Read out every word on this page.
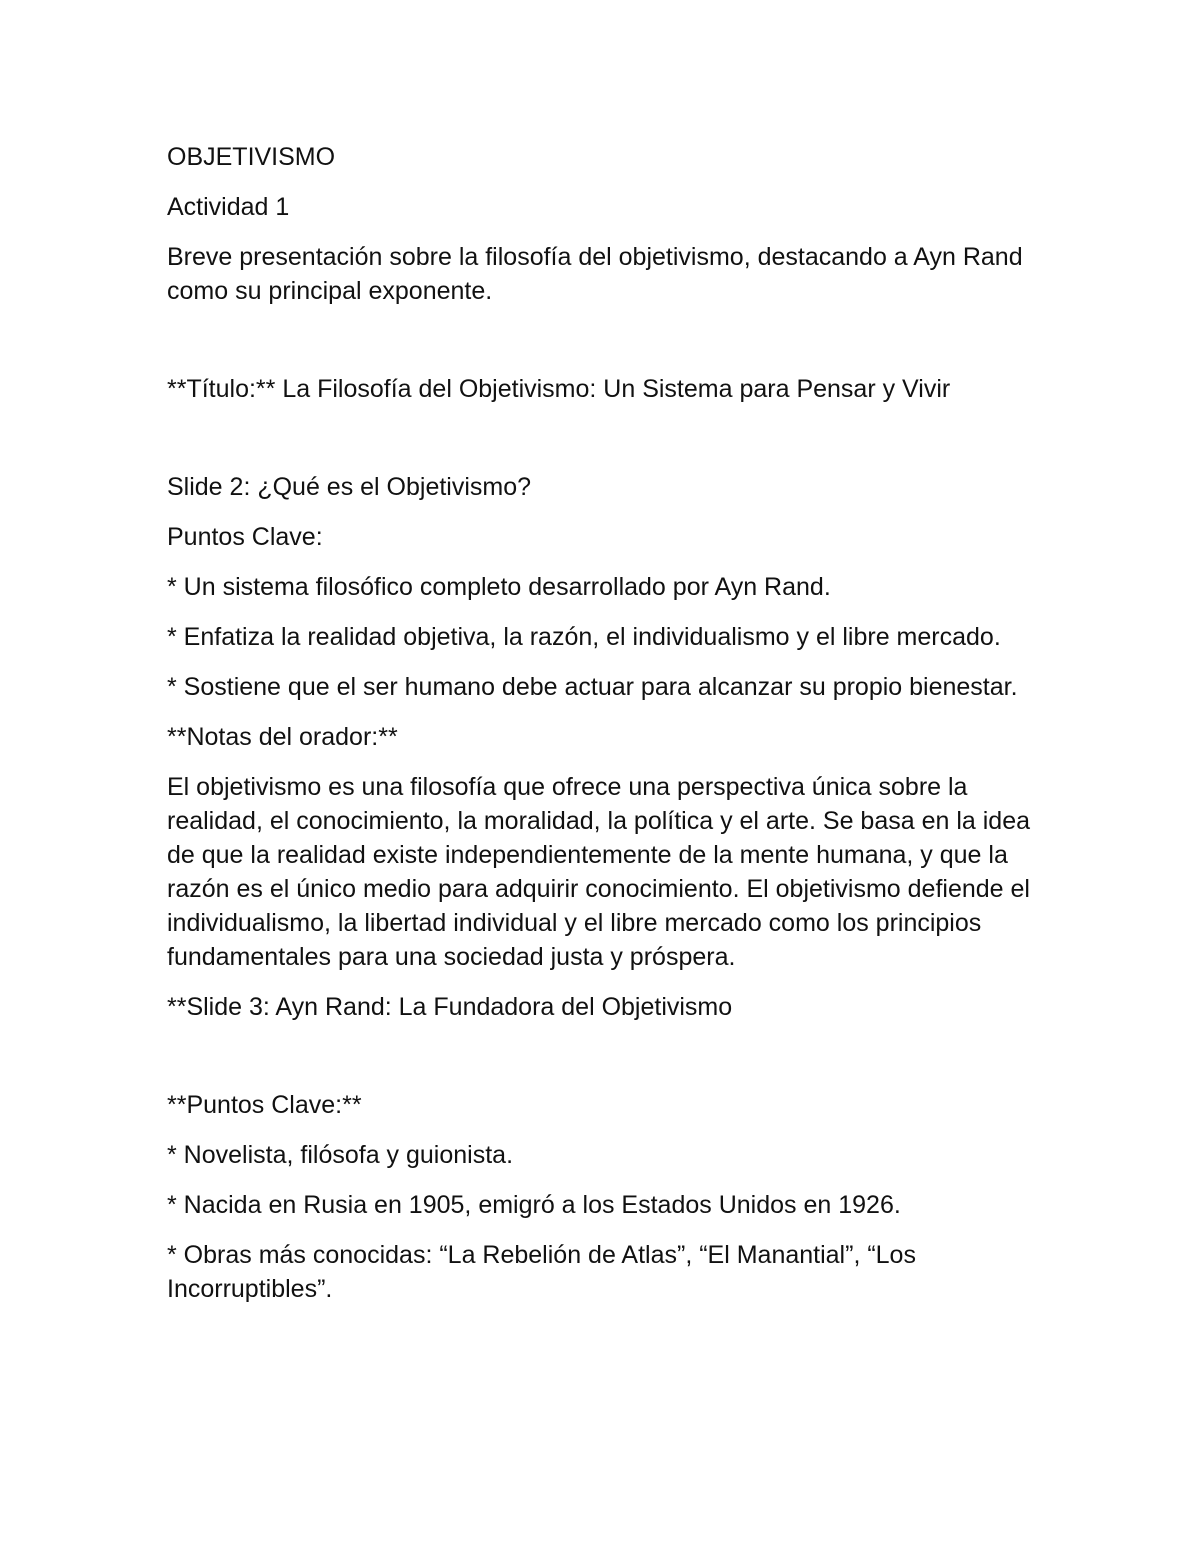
OBJETIVISMO

Actividad 1

Breve presentación sobre la filosofía del objetivismo, destacando a Ayn Rand como su principal exponente.

**Título:** La Filosofía del Objetivismo: Un Sistema para Pensar y Vivir

Slide 2: ¿Qué es el Objetivismo?

Puntos Clave:

* Un sistema filosófico completo desarrollado por Ayn Rand.

* Enfatiza la realidad objetiva, la razón, el individualismo y el libre mercado.

* Sostiene que el ser humano debe actuar para alcanzar su propio bienestar.

**Notas del orador:**

El objetivismo es una filosofía que ofrece una perspectiva única sobre la realidad, el conocimiento, la moralidad, la política y el arte. Se basa en la idea de que la realidad existe independientemente de la mente humana, y que la razón es el único medio para adquirir conocimiento. El objetivismo defiende el individualismo, la libertad individual y el libre mercado como los principios fundamentales para una sociedad justa y próspera.

**Slide 3: Ayn Rand: La Fundadora del Objetivismo

**Puntos Clave:**

* Novelista, filósofa y guionista.

* Nacida en Rusia en 1905, emigró a los Estados Unidos en 1926.

* Obras más conocidas: “La Rebelión de Atlas”, “El Manantial”, “Los Incorruptibles”.
